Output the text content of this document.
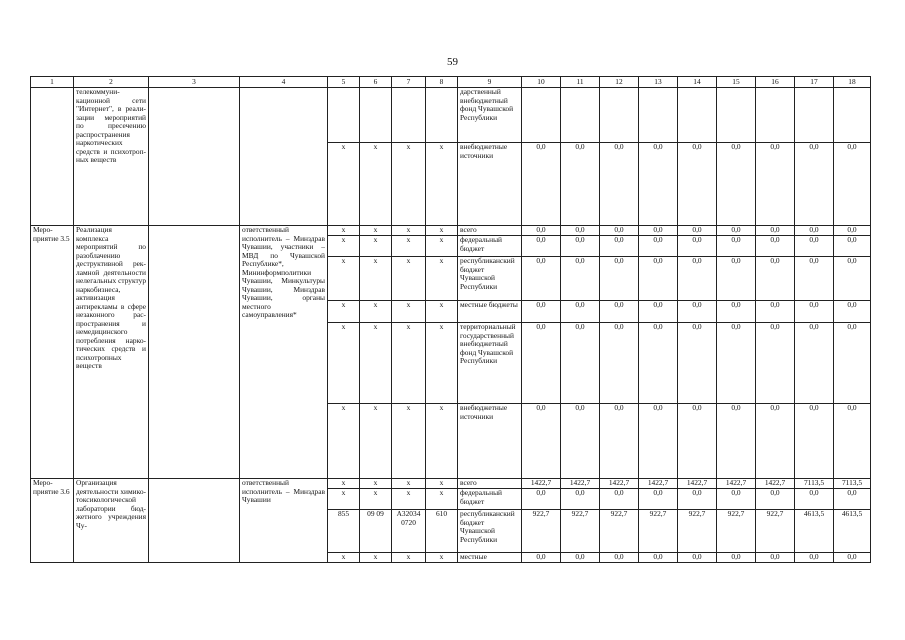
59
1	2	3	4	5	6	7	8	9	10	11	12	13	14	15	16	17	18
	телекоммуникационной сети "Интернет", в реализации мероприятий по пресечению распространения наркотических средств и психотропных веществ							дарственный внебюджетный фонд Чувашской Республики									
				x	x	x	x	внебюджетные источники	0,0	0,0	0,0	0,0	0,0	0,0	0,0	0,0	0,0
Мероприятие 3.5	Реализация комплекса мероприятий по разоблачению деструктивной рекламной деятельности нелегальных структур наркобизнеса, активизация антирекламы в сфере незаконного распространения и немедицинского потребления наркотических средств и психотропных веществ		ответственный исполнитель – Минздрав Чувашии, участники – МВД по Чувашской Республике*, Мининформполитики Чувашии, Минкультуры Чувашии, Минздрав Чувашии, органы местного самоуправления*	x	x	x	x	всего	0,0	0,0	0,0	0,0	0,0	0,0	0,0	0,0	0,0
				x	x	x	x	федеральный бюджет	0,0	0,0	0,0	0,0	0,0	0,0	0,0	0,0	0,0
				x	x	x	x	республиканский бюджет Чувашской Республики	0,0	0,0	0,0	0,0	0,0	0,0	0,0	0,0	0,0
				x	x	x	x	местные бюджеты	0,0	0,0	0,0	0,0	0,0	0,0	0,0	0,0	0,0
				x	x	x	x	территориальный государственный внебюджетный фонд Чувашской Республики	0,0	0,0	0,0	0,0	0,0	0,0	0,0	0,0	0,0
				x	x	x	x	внебюджетные источники	0,0	0,0	0,0	0,0	0,0	0,0	0,0	0,0	0,0
Мероприятие 3.6	Организация деятельности химико-токсикологической лаборатории бюджетного учреждения Чу-		ответственный исполнитель – Минздрав Чувашии	x	x	x	x	всего	1422,7	1422,7	1422,7	1422,7	1422,7	1422,7	1422,7	7113,5	7113,5
				x	x	x	x	федеральный бюджет	0,0	0,0	0,0	0,0	0,0	0,0	0,0	0,0	0,0
				855	09 09	А32034 0720	610	республиканский бюджет Чувашской Республики	922,7	922,7	922,7	922,7	922,7	922,7	922,7	4613,5	4613,5
				x	x	x	x	местные	0,0	0,0	0,0	0,0	0,0	0,0	0,0	0,0	0,0
